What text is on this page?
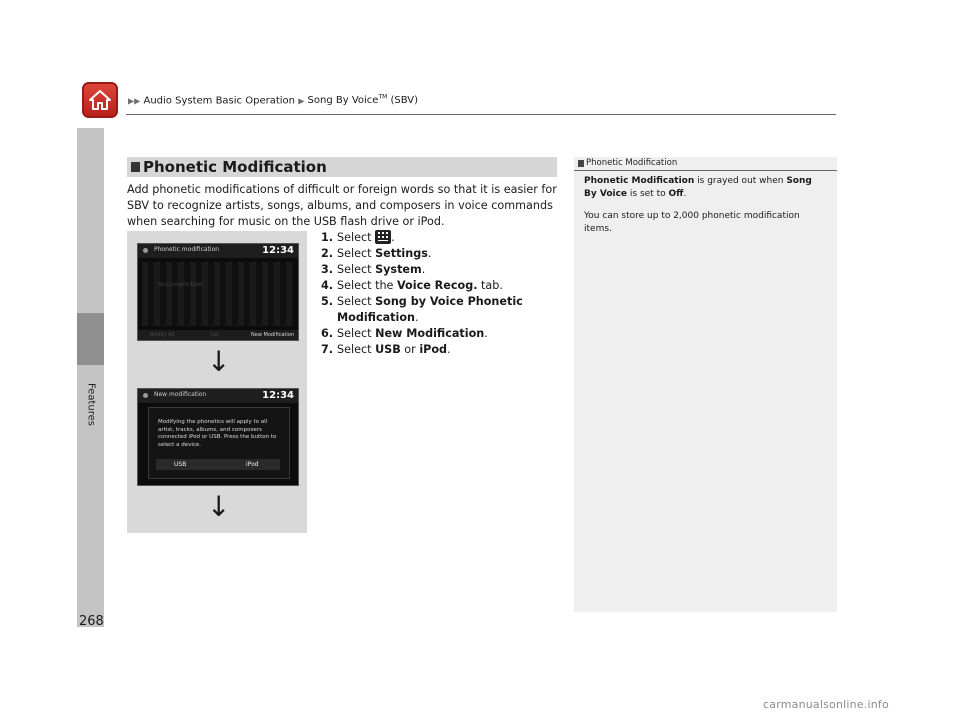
▶▶ Audio System Basic Operation ▶ Song By Voice™ (SBV)
Features
Phonetic Modification
Add phonetic modifications of difficult or foreign words so that it is easier for SBV to recognize artists, songs, albums, and composers in voice commands when searching for music on the USB flash drive or iPod.
Phonetic modification	12:34
No Contents Exist
Modify All	Del	New Modification
↓
New modification	12:34
Modifying the phonetics will apply to all artist, tracks, albums, and composers connected iPod or USB. Press the button to select a device.
USB	iPod
↓
1. Select .
2. Select Settings.
3. Select System.
4. Select the Voice Recog. tab.
5. Select Song by Voice Phonetic Modification.
6. Select New Modification.
7. Select USB or iPod.
Phonetic Modification

Phonetic Modification is grayed out when Song By Voice is set to Off.

You can store up to 2,000 phonetic modification items.

268
carmanualsonline.info
